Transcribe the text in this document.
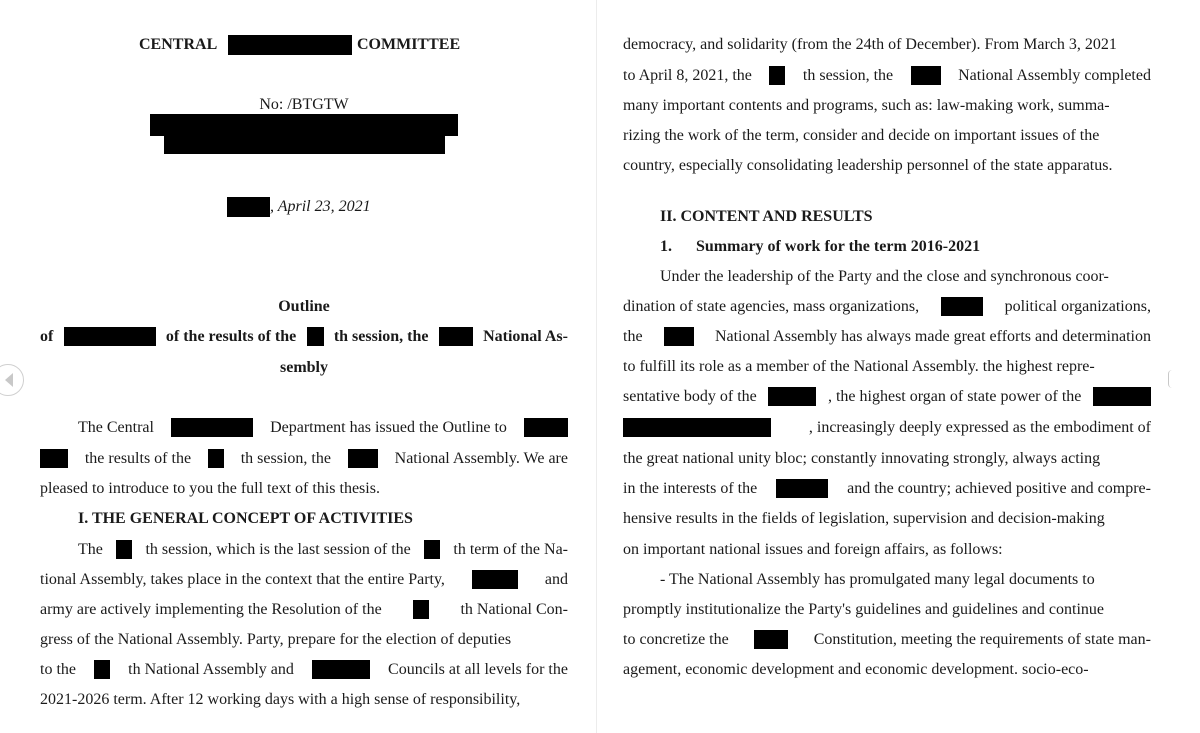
CENTRAL	COMMITTEE
No: /BTGTW
, April 23, 2021
Outline
of	of the results of the th session, the	National As-
sembly
The Central	Department has issued the Outline to
the results of the	th session, the	National Assembly. We are
pleased to introduce to you the full text of this thesis.
I. THE GENERAL CONCEPT OF ACTIVITIES
The	th session, which is the last session of the	th term of the Na-
tional Assembly, takes place in the context that the entire Party,	and
army are actively implementing the Resolution of the	th National Con-
gress of the National Assembly. Party, prepare for the election of deputies
to the	th National Assembly and	Councils at all levels for the
2021-2026 term. After 12 working days with a high sense of responsibility,
democracy, and solidarity (from the 24th of December). From March 3, 2021
to April 8, 2021, the	th session, the	National Assembly completed
many important contents and programs, such as: law-making work, summa-
rizing the work of the term, consider and decide on important issues of the
country, especially consolidating leadership personnel of the state apparatus.
II. CONTENT AND RESULTS
1. Summary of work for the term 2016-2021
Under the leadership of the Party and the close and synchronous coor-
dination of state agencies, mass organizations,	political organizations,
the	National Assembly has always made great efforts and determination
to fulfill its role as a member of the National Assembly. the highest repre-
sentative body of the	, the highest organ of state power of the
, increasingly deeply expressed as the embodiment of
the great national unity bloc; constantly innovating strongly, always acting
in the interests of the	and the country; achieved positive and compre-
hensive results in the fields of legislation, supervision and decision-making
on important national issues and foreign affairs, as follows:
- The National Assembly has promulgated many legal documents to
promptly institutionalize the Party's guidelines and guidelines and continue
to concretize the	Constitution, meeting the requirements of state man-
agement, economic development and economic development. socio-eco-
